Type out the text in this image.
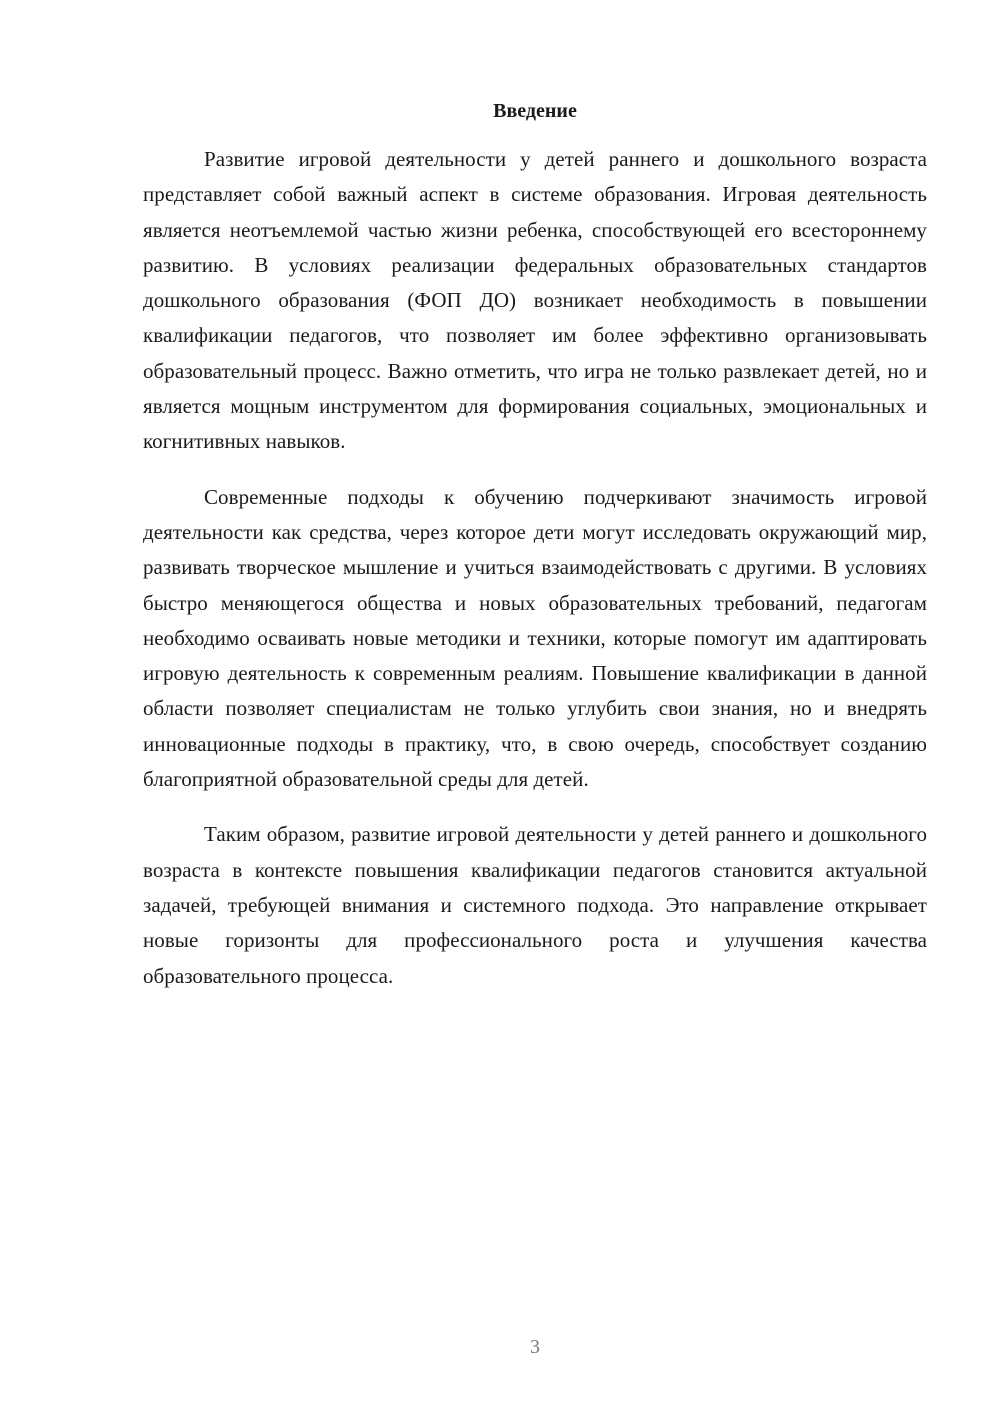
Введение

Развитие игровой деятельности у детей раннего и дошкольного возраста представляет собой важный аспект в системе образования. Игровая деятельность является неотъемлемой частью жизни ребенка, способствующей его всестороннему развитию. В условиях реализации федеральных образовательных стандартов дошкольного образования (ФОП ДО) возникает необходимость в повышении квалификации педагогов, что позволяет им более эффективно организовывать образовательный процесс. Важно отметить, что игра не только развлекает детей, но и является мощным инструментом для формирования социальных, эмоциональных и когнитивных навыков.

Современные подходы к обучению подчеркивают значимость игровой деятельности как средства, через которое дети могут исследовать окружающий мир, развивать творческое мышление и учиться взаимодействовать с другими. В условиях быстро меняющегося общества и новых образовательных требований, педагогам необходимо осваивать новые методики и техники, которые помогут им адаптировать игровую деятельность к современным реалиям. Повышение квалификации в данной области позволяет специалистам не только углубить свои знания, но и внедрять инновационные подходы в практику, что, в свою очередь, способствует созданию благоприятной образовательной среды для детей.

Таким образом, развитие игровой деятельности у детей раннего и дошкольного возраста в контексте повышения квалификации педагогов становится актуальной задачей, требующей внимания и системного подхода. Это направление открывает новые горизонты для профессионального роста и улучшения качества образовательного процесса.

3
